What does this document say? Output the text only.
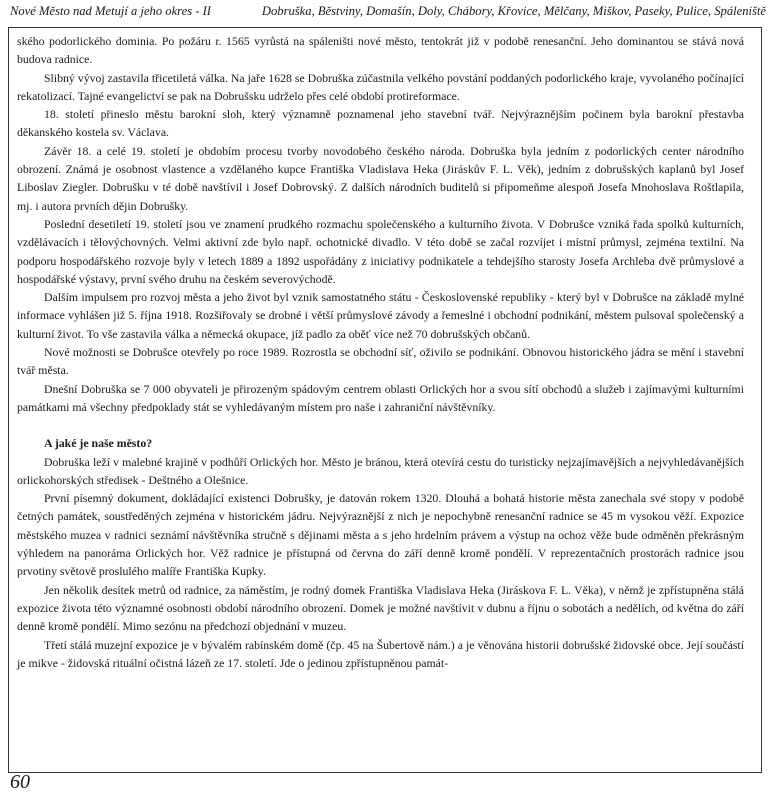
Nové Město nad Metují a jeho okres - II	Dobruška, Běstviny, Domašín, Doly, Chábory, Křovice, Mělčany, Miškov, Paseky, Pulice, Spáleniště

ského podorlického dominia. Po požáru r. 1565 vyrůstá na spáleništi nové město, tentokrát již v podobě renesanční. Jeho dominantou se stává nová budova radnice.

Slibný vývoj zastavila třicetiletá válka. Na jaře 1628 se Dobruška zúčastnila velkého povstání poddaných podorlického kraje, vyvolaného počínající rekatolizací. Tajné evangelictví se pak na Dobrušsku udrželo přes celé období protireformace.

18. století přineslo městu barokní sloh, který významně poznamenal jeho stavební tvář. Nejvýraznějším počinem byla barokní přestavba děkanského kostela sv. Václava.

Závěr 18. a celé 19. století je obdobím procesu tvorby novodobého českého národa. Dobruška byla jedním z podorlických center národního obrození. Známá je osobnost vlastence a vzdělaného kupce Františka Vladislava Heka (Jiráskův F. L. Věk), jedním z dobrušských kaplanů byl Josef Liboslav Ziegler. Dobrušku v té době navštívil i Josef Dobrovský. Z dalších národních buditelů si připomeňme alespoň Josefa Mnohoslava Roštlapila, mj. i autora prvních dějin Dobrušky.

Poslední desetiletí 19. století jsou ve znamení prudkého rozmachu společenského a kulturního života. V Dobrušce vzniká řada spolků kulturních, vzdělávacích i tělovýchovných. Velmi aktivní zde bylo např. ochotnické divadlo. V této době se začal rozvíjet i místní průmysl, zejména textilní. Na podporu hospodářského rozvoje byly v letech 1889 a 1892 uspořádány z iniciativy podnikatele a tehdejšího starosty Josefa Archleba dvě průmyslové a hospodářské výstavy, první svého druhu na českém severovýchodě.

Dalším impulsem pro rozvoj města a jeho život byl vznik samostatného státu - Československé republiky - který byl v Dobrušce na základě mylné informace vyhlášen již 5. října 1918. Rozšiřovaly se drobné i větší průmyslové závody a řemeslné i obchodní podnikání, městem pulsoval společenský a kulturní život. To vše zastavila válka a německá okupace, jíž padlo za oběť více než 70 dobrušských občanů.

Nové možnosti se Dobrušce otevřely po roce 1989. Rozrostla se obchodní síť, oživilo se podnikání. Obnovou historického jádra se mění i stavební tvář města.

Dnešní Dobruška se 7 000 obyvateli je přirozeným spádovým centrem oblasti Orlických hor a svou sítí obchodů a služeb i zajímavými kulturními památkami má všechny předpoklady stát se vyhledávaným místem pro naše i zahraniční návštěvníky.

A jaké je naše město?

Dobruška leží v malebné krajině v podhůří Orlických hor. Město je bránou, která otevírá cestu do turisticky nejzajímavějších a nejvyhledávanějších orlickohorských středisek - Deštného a Olešnice.

První písemný dokument, dokládající existenci Dobrušky, je datován rokem 1320. Dlouhá a bohatá historie města zanechala své stopy v podobě četných památek, soustředěných zejména v historickém jádru. Nejvýraznější z nich je nepochybně renesanční radnice se 45 m vysokou věží. Expozice městského muzea v radnici seznámí návštěvníka stručně s dějinami města a s jeho hrdelním právem a výstup na ochoz věže bude odměněn překrásným výhledem na panoráma Orlických hor. Věž radnice je přístupná od června do září denně kromě pondělí. V reprezentačních prostorách radnice jsou prvotiny světově proslulého malíře Františka Kupky.

Jen několik desítek metrů od radnice, za náměstím, je rodný domek Františka Vladislava Heka (Jiráskova F. L. Věka), v němž je zpřístupněna stálá expozice života této významné osobnosti období národního obrození. Domek je možné navštívit v dubnu a říjnu o sobotách a nedělích, od května do září denně kromě pondělí. Mimo sezónu na předchozí objednání v muzeu.

Třetí stálá muzejní expozice je v bývalém rabínském domě (čp. 45 na Šubertově nám.) a je věnována historii dobrušské židovské obce. Její součástí je mikve - židovská rituální očistná lázeň ze 17. století. Jde o jedinou zpřístupněnou památ-

60
